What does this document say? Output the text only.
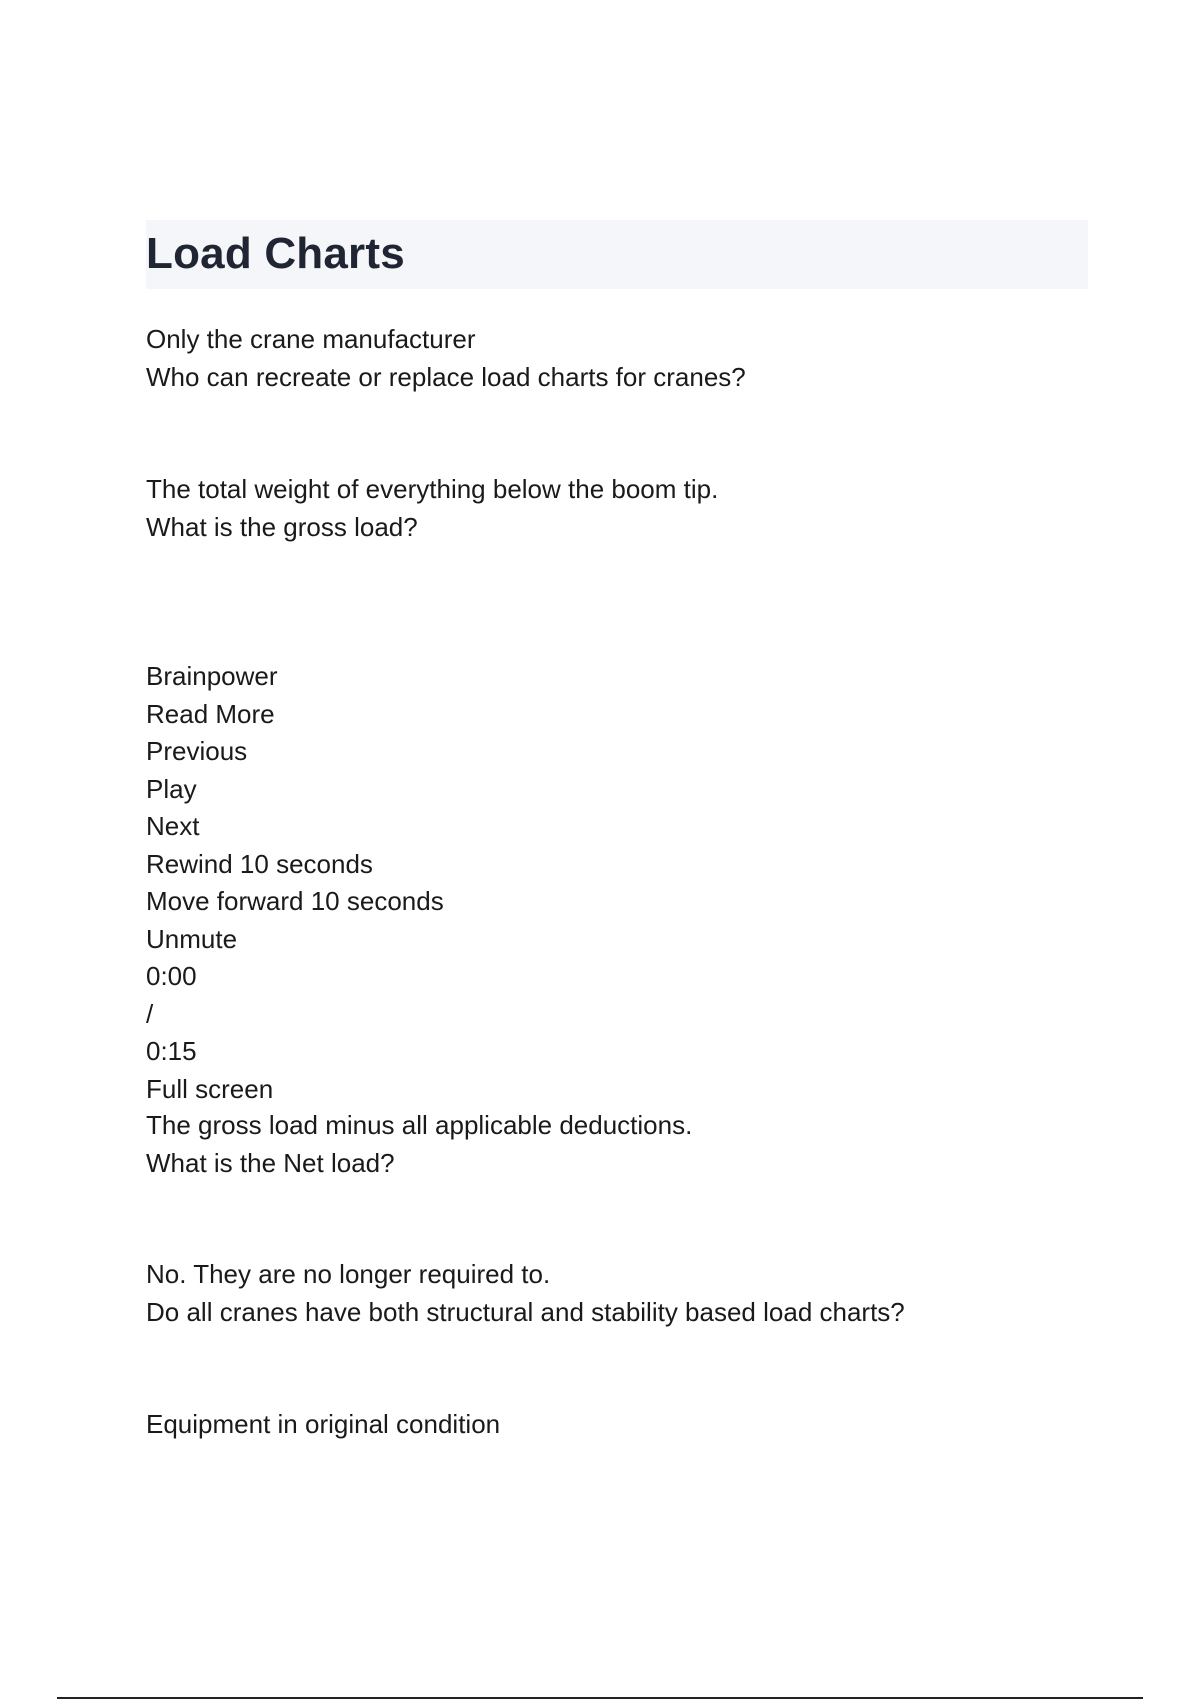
Load Charts
Only the crane manufacturer
Who can recreate or replace load charts for cranes?
The total weight of everything below the boom tip.
What is the gross load?
Brainpower
Read More
Previous
Play
Next
Rewind 10 seconds
Move forward 10 seconds
Unmute
0:00
/
0:15
Full screen
The gross load minus all applicable deductions.
What is the Net load?
No. They are no longer required to.
Do all cranes have both structural and stability based load charts?
Equipment in original condition
